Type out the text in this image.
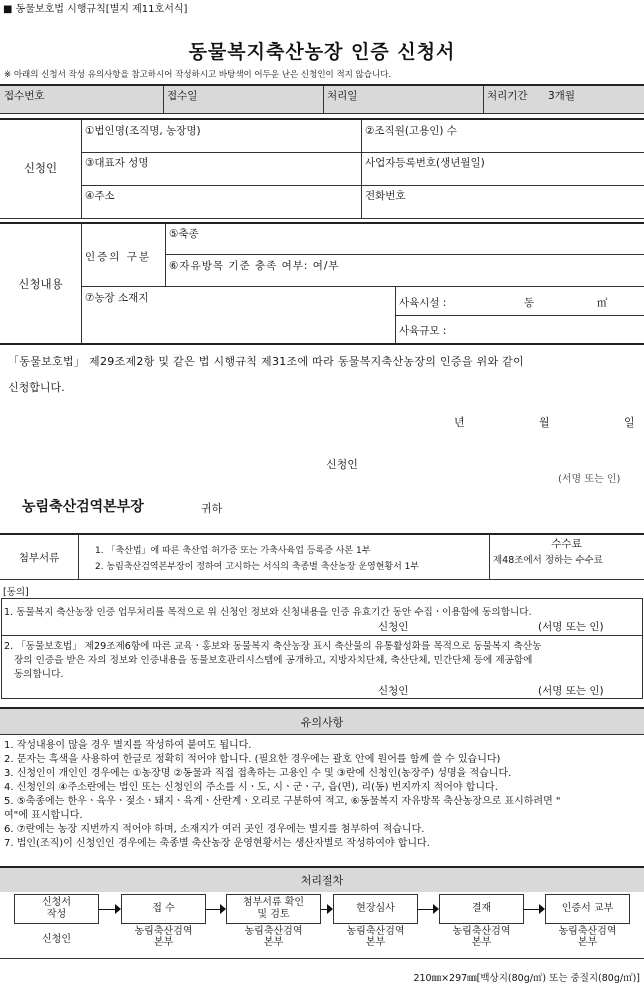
■ 동물보호법 시행규칙[별지 제11호서식]
동물복지축산농장 인증 신청서
※ 아래의 신청서 작성 유의사항을 참고하시어 작성하시고 바탕색이 어두운 난은 신청인이 적지 않습니다.
접수번호	접수일	처리일	처리기간 3개월
신청인
①법인명(조직명, 농장명)	②조직원(고용인) 수
③대표자 성명	사업자등록번호(생년월일)
④주소	전화번호
신청내용
인증의 구분
⑤축종
⑥자유방목 기준 충족 여부: 여/부
⑦농장 소재지	사육시설 :	동	㎡
사육규모 :
「동물보호법」 제29조제2항 및 같은 법 시행규칙 제31조에 따라 동물복지축산농장의 인증을 위와 같이
신청합니다.
년	월	일
신청인
(서명 또는 인)
농림축산검역본부장	귀하
첨부서류
1. 「축산법」에 따른 축산업 허가증 또는 가축사육업 등록증 사본 1부
2. 농림축산검역본부장이 정하여 고시하는 서식의 축종별 축산농장 운영현황서 1부
수수료
제48조에서 정하는 수수료
[동의]
1. 동물복지 축산농장 인증 업무처리를 목적으로 위 신청인 정보와 신청내용을 인증 유효기간 동안 수집ㆍ이용함에 동의합니다.
신청인	(서명 또는 인)
2. 「동물보호법」 제29조제6항에 따른 교육ㆍ홍보와 동물복지 축산농장 표시 축산물의 유통활성화를 목적으로 동물복지 축산농
장의 인증을 받은 자의 정보와 인증내용을 동물보호관리시스템에 공개하고, 지방자치단체, 축산단체, 민간단체 등에 제공함에
동의합니다.
신청인	(서명 또는 인)
유의사항
1. 작성내용이 많을 경우 별지를 작성하여 붙여도 됩니다.
2. 문자는 흑색을 사용하여 한글로 정확히 적어야 합니다. (필요한 경우에는 괄호 안에 원어를 함께 쓸 수 있습니다)
3. 신청인이 개인인 경우에는 ①농장명 ②동물과 직접 접촉하는 고용인 수 및 ③란에 신청인(농장주) 성명을 적습니다.
4. 신청인의 ④주소란에는 법인 또는 신청인의 주소를 시ㆍ도, 시ㆍ군ㆍ구, 읍(면), 리(동) 번지까지 적어야 합니다.
5. ⑤축종에는 한우ㆍ육우ㆍ젖소ㆍ돼지ㆍ육계ㆍ산란계ㆍ오리로 구분하여 적고, ⑥동물복지 자유방목 축산농장으로 표시하려면 "
여"에 표시합니다.
6. ⑦란에는 농장 지번까지 적어야 하며, 소재지가 여러 곳인 경우에는 별지를 첨부하여 적습니다.
7. 법인(조직)이 신청인인 경우에는 축종별 축산농장 운영현황서는 생산자별로 작성하여야 합니다.
처리절차
신청서
작성
접 수
첨부서류 확인
및 검토
현장심사	결재	인증서 교부
신청인
농림축산검역
본부
농림축산검역
본부
농림축산검역
본부
농림축산검역
본부
농림축산검역
본부
210㎜×297㎜[백상지(80g/㎡) 또는 중질지(80g/㎡)]
